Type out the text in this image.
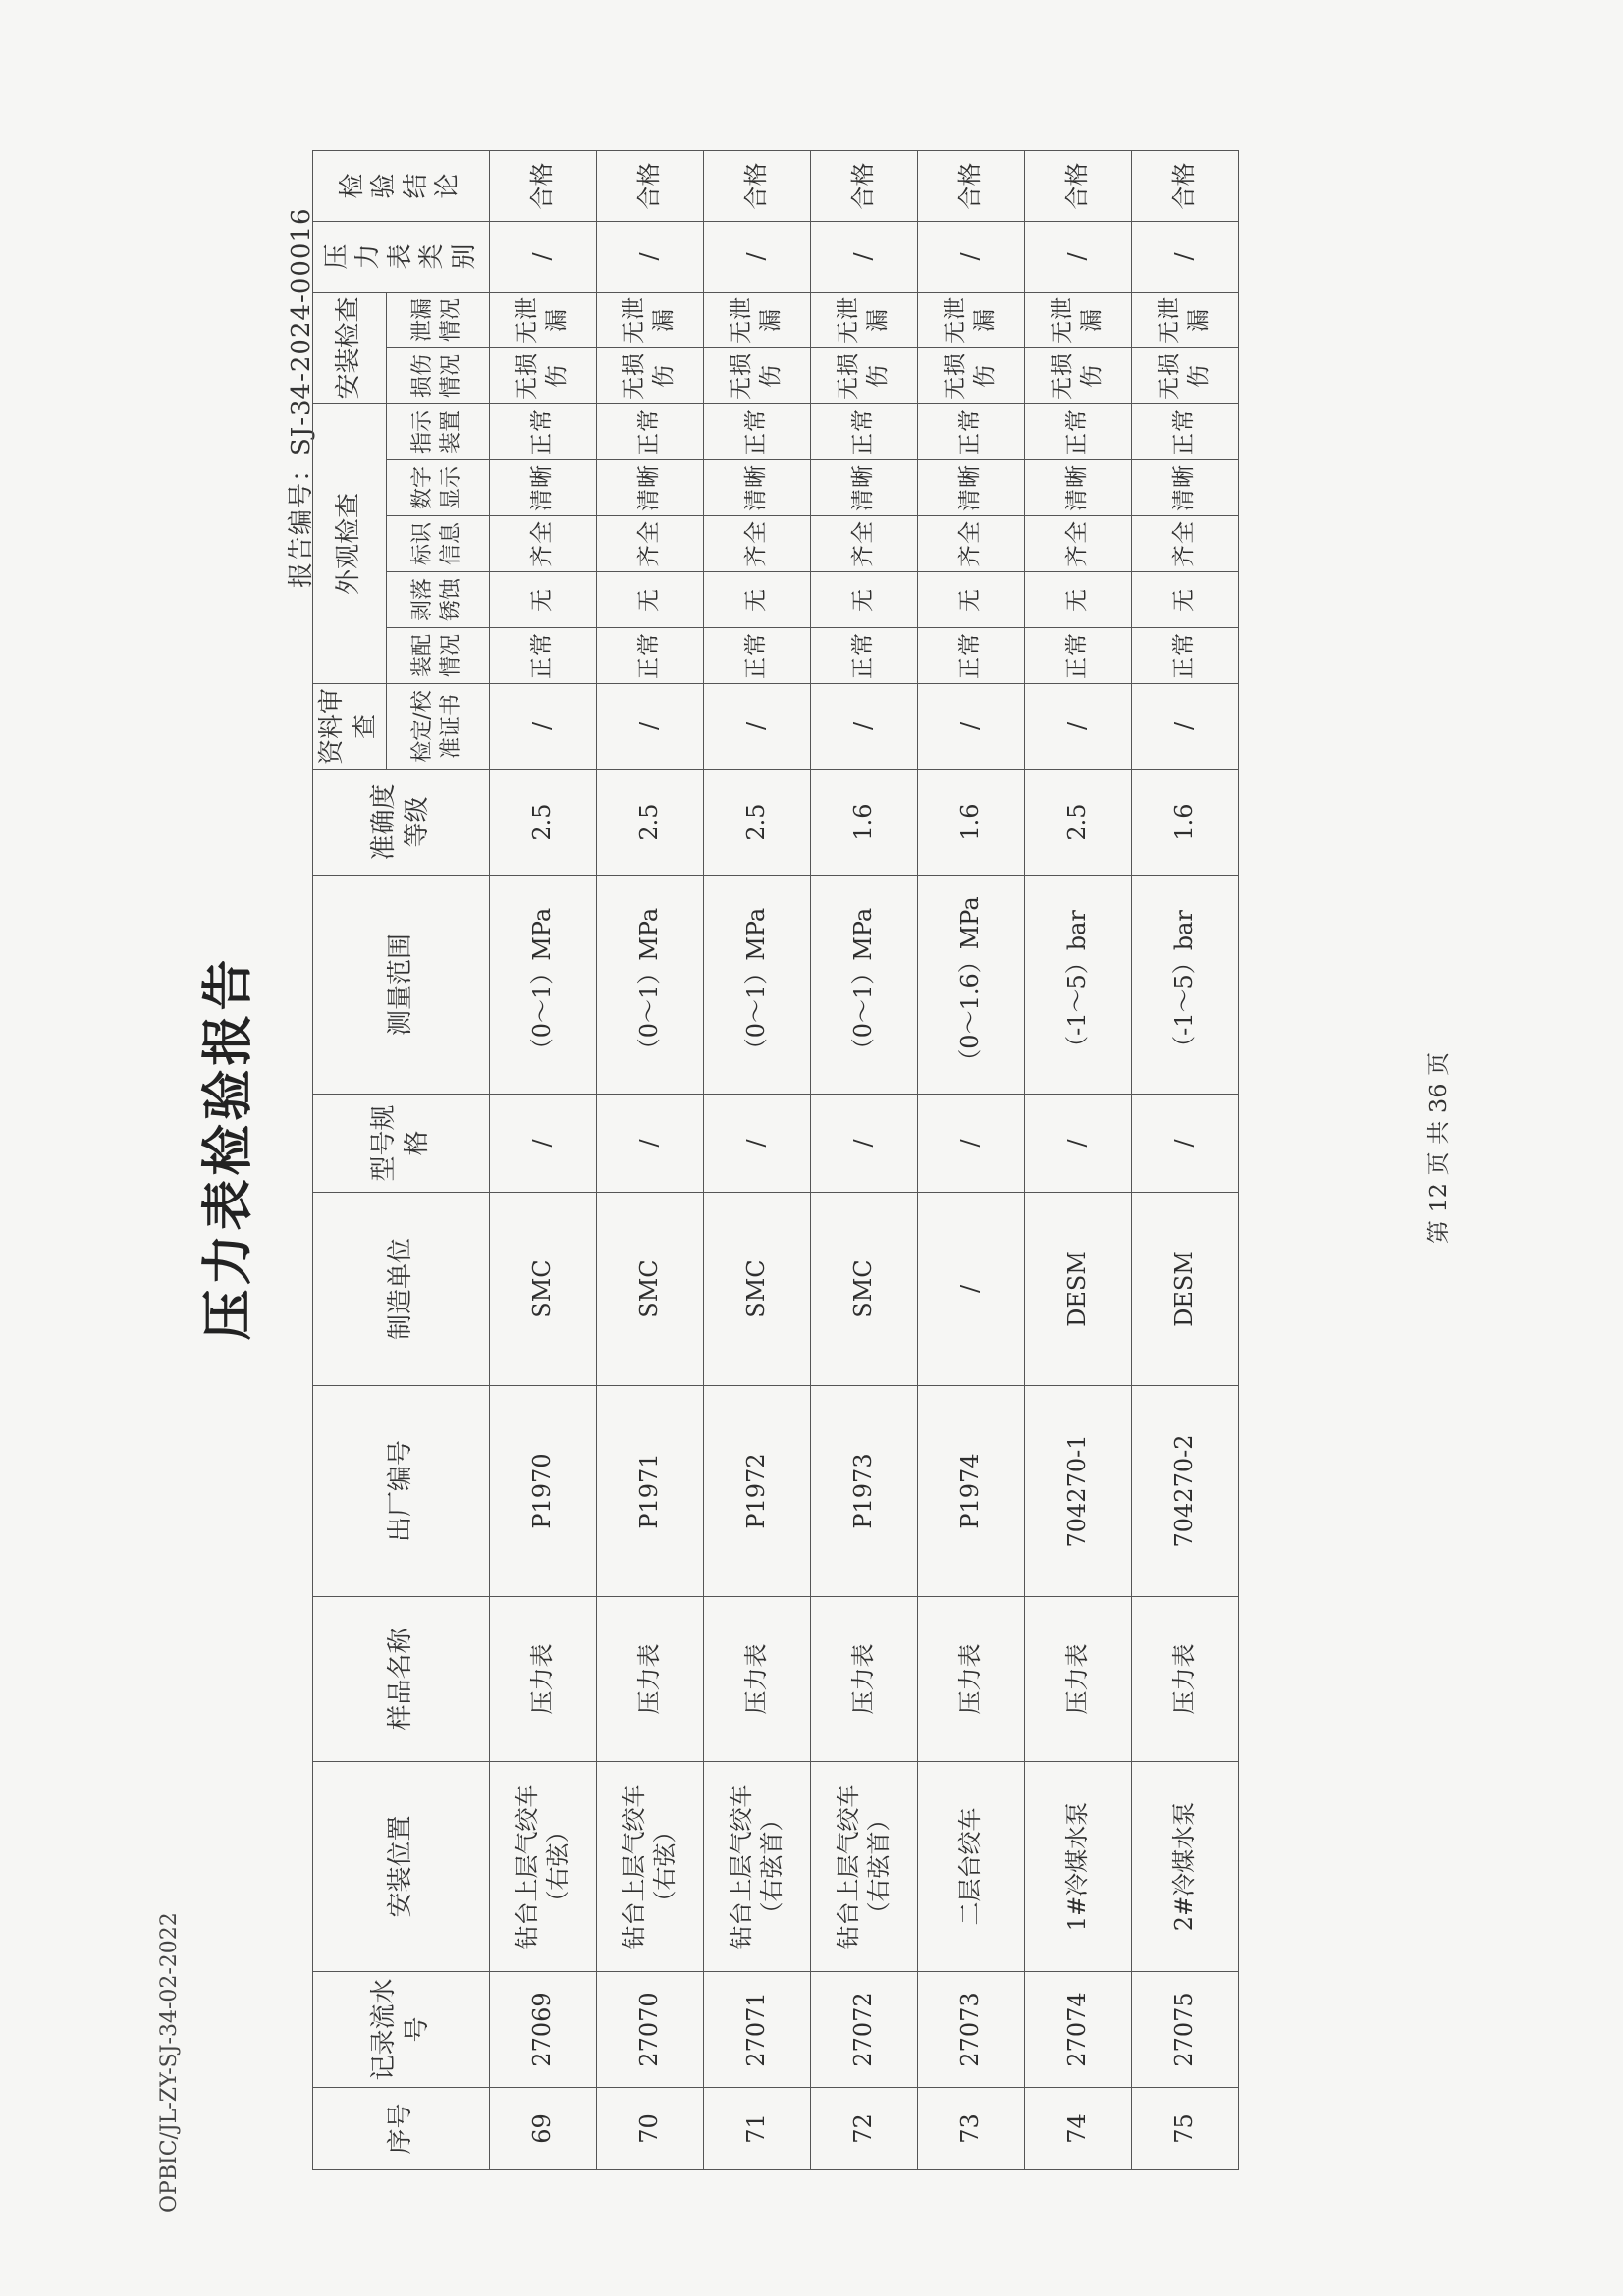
OPBIC/JL-ZY-SJ-34-02-2022
压力表检验报告
报告编号：SJ-34-2024-00016
序号	记录流水号	安装位置	样品名称	出厂编号	制造单位	型号规格	测量范围	准确度等级	资料审查	外观检查					安装检查		压力表类别	检验结论
										装配情况	剥落锈蚀	标识信息	数字显示	指示装置				
									检定/校准证书						损伤情况	泄漏情况		
69	27069	钻台上层气绞车（右弦）	压力表	P1970	SMC	/	（0～1）MPa	2.5	/	正常	无	齐全	清晰	正常	无损伤	无泄漏	/	合格
70	27070	钻台上层气绞车（右弦）	压力表	P1971	SMC	/	（0～1）MPa	2.5	/	正常	无	齐全	清晰	正常	无损伤	无泄漏	/	合格
71	27071	钻台上层气绞车（右弦首）	压力表	P1972	SMC	/	（0～1）MPa	2.5	/	正常	无	齐全	清晰	正常	无损伤	无泄漏	/	合格
72	27072	钻台上层气绞车（右弦首）	压力表	P1973	SMC	/	（0～1）MPa	1.6	/	正常	无	齐全	清晰	正常	无损伤	无泄漏	/	合格
73	27073	二层台绞车	压力表	P1974	/	/	（0～1.6）MPa	1.6	/	正常	无	齐全	清晰	正常	无损伤	无泄漏	/	合格
74	27074	1#冷煤水泵	压力表	704270-1	DESM	/	（-1～5）bar	2.5	/	正常	无	齐全	清晰	正常	无损伤	无泄漏	/	合格
75	27075	2#冷煤水泵	压力表	704270-2	DESM	/	（-1～5）bar	1.6	/	正常	无	齐全	清晰	正常	无损伤	无泄漏	/	合格
第 12 页 共 36 页
